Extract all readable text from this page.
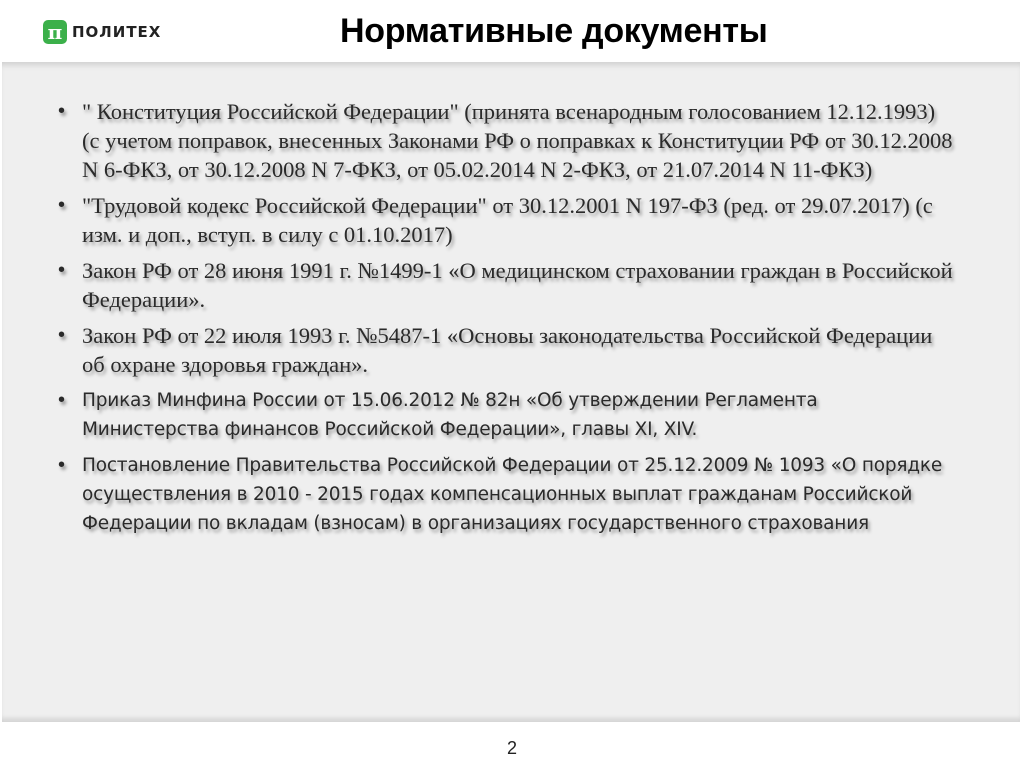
π ПОЛИТЕХ	Нормативные документы
• " Конституция Российской Федерации" (принята всенародным голосованием 12.12.1993) (с учетом поправок, внесенных Законами РФ о поправках к Конституции РФ от 30.12.2008 N 6-ФКЗ, от 30.12.2008 N 7-ФКЗ, от 05.02.2014 N 2-ФКЗ, от 21.07.2014 N 11-ФКЗ)
• "Трудовой кодекс Российской Федерации" от 30.12.2001 N 197-ФЗ (ред. от 29.07.2017) (с изм. и доп., вступ. в силу с 01.10.2017)
• Закон РФ от 28 июня 1991 г. №1499-1 «О медицинском страховании граждан в Российской Федерации».
• Закон РФ от 22 июля 1993 г. №5487-1 «Основы законодательства Российской Федерации об охране здоровья граждан».
• Приказ Минфина России от 15.06.2012 № 82н «Об утверждении Регламента Министерства финансов Российской Федерации», главы XI, XIV.
• Постановление Правительства Российской Федерации от 25.12.2009 № 1093 «О порядке осуществления в 2010 - 2015 годах компенсационных выплат гражданам Российской Федерации по вкладам (взносам) в организациях государственного страхования
2
